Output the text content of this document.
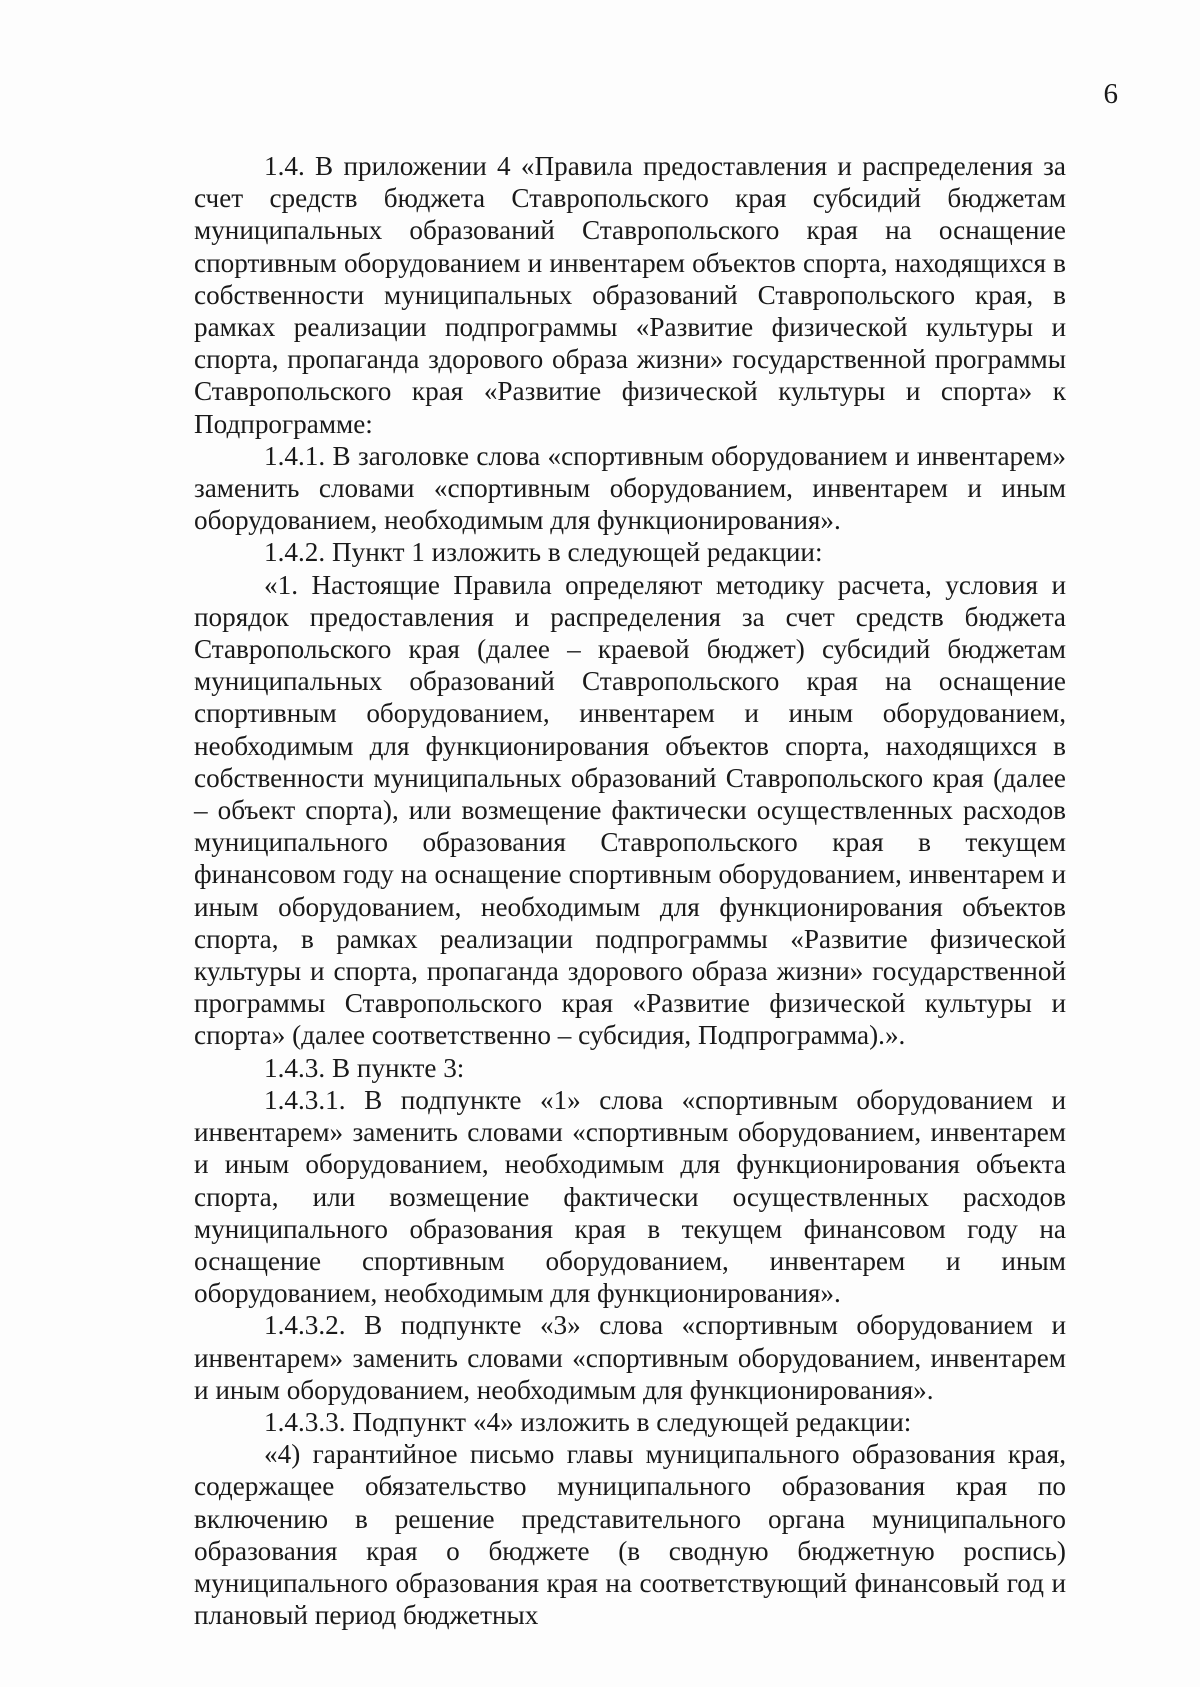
6

1.4. В приложении 4 «Правила предоставления и распределения за счет средств бюджета Ставропольского края субсидий бюджетам муниципальных образований Ставропольского края на оснащение спортивным оборудованием и инвентарем объектов спорта, находящихся в собственности муниципальных образований Ставропольского края, в рамках реализации подпрограммы «Развитие физической культуры и спорта, пропаганда здорового образа жизни» государственной программы Ставропольского края «Развитие физической культуры и спорта» к Подпрограмме:

1.4.1. В заголовке слова «спортивным оборудованием и инвентарем» заменить словами «спортивным оборудованием, инвентарем и иным оборудованием, необходимым для функционирования».

1.4.2. Пункт 1 изложить в следующей редакции:

«1. Настоящие Правила определяют методику расчета, условия и порядок предоставления и распределения за счет средств бюджета Ставропольского края (далее – краевой бюджет) субсидий бюджетам муниципальных образований Ставропольского края на оснащение спортивным оборудованием, инвентарем и иным оборудованием, необходимым для функционирования объектов спорта, находящихся в собственности муниципальных образований Ставропольского края (далее – объект спорта), или возмещение фактически осуществленных расходов муниципального образования Ставропольского края в текущем финансовом году на оснащение спортивным оборудованием, инвентарем и иным оборудованием, необходимым для функционирования объектов спорта, в рамках реализации подпрограммы «Развитие физической культуры и спорта, пропаганда здорового образа жизни» государственной программы Ставропольского края «Развитие физической культуры и спорта» (далее соответственно – субсидия, Подпрограмма).».

1.4.3. В пункте 3:

1.4.3.1. В подпункте «1» слова «спортивным оборудованием и инвентарем» заменить словами «спортивным оборудованием, инвентарем и иным оборудованием, необходимым для функционирования объекта спорта, или возмещение фактически осуществленных расходов муниципального образования края в текущем финансовом году на оснащение спортивным оборудованием, инвентарем и иным оборудованием, необходимым для функционирования».

1.4.3.2. В подпункте «3» слова «спортивным оборудованием и инвентарем» заменить словами «спортивным оборудованием, инвентарем и иным оборудованием, необходимым для функционирования».

1.4.3.3. Подпункт «4» изложить в следующей редакции:

«4) гарантийное письмо главы муниципального образования края, содержащее обязательство муниципального образования края по включению в решение представительного органа муниципального образования края о бюджете (в сводную бюджетную роспись) муниципального образования края на соответствующий финансовый год и плановый период бюджетных
